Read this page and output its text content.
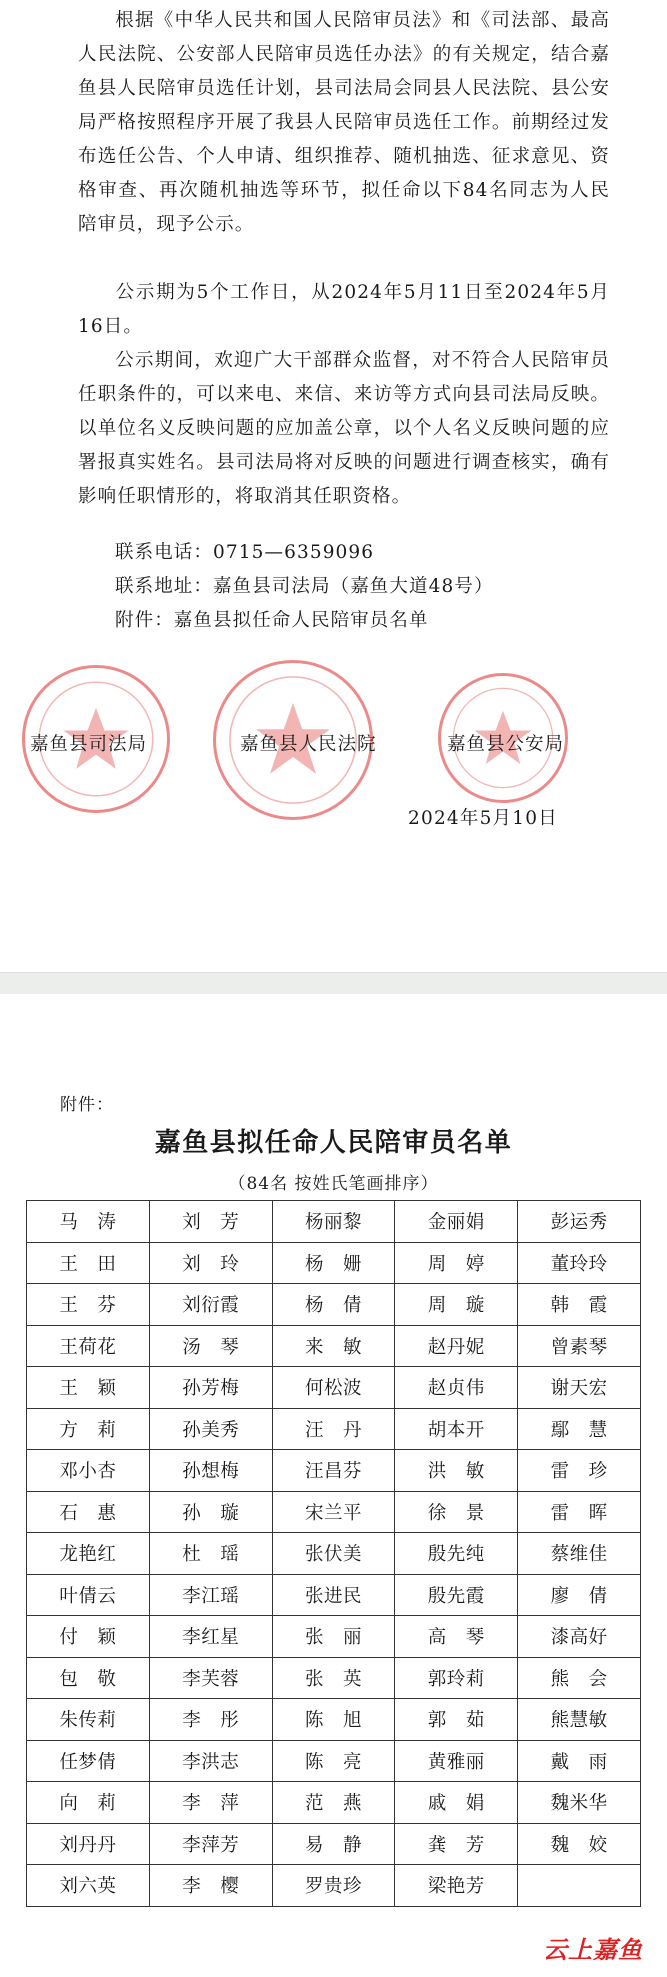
根据《中华人民共和国人民陪审员法》和《司法部、最高人民法院、公安部人民陪审员选任办法》的有关规定，结合嘉鱼县人民陪审员选任计划，县司法局会同县人民法院、县公安局严格按照程序开展了我县人民陪审员选任工作。前期经过发布选任公告、个人申请、组织推荐、随机抽选、征求意见、资格审查、再次随机抽选等环节，拟任命以下84名同志为人民陪审员，现予公示。
公示期为5个工作日，从2024年5月11日至2024年5月16日。
公示期间，欢迎广大干部群众监督，对不符合人民陪审员任职条件的，可以来电、来信、来访等方式向县司法局反映。以单位名义反映问题的应加盖公章，以个人名义反映问题的应署报真实姓名。县司法局将对反映的问题进行调查核实，确有影响任职情形的，将取消其任职资格。
联系电话：0715—6359096
联系地址：嘉鱼县司法局（嘉鱼大道48号）
附件：嘉鱼县拟任命人民陪审员名单
嘉鱼县司法局	嘉鱼县人民法院	嘉鱼县公安局
2024年5月10日
附件：
嘉鱼县拟任命人民陪审员名单
（84名 按姓氏笔画排序）
马　涛	刘　芳	杨丽黎	金丽娟	彭运秀
王　田	刘　玲	杨　姗	周　婷	董玲玲
王　芬	刘衍霞	杨　倩	周　璇	韩　霞
王荷花	汤　琴	来　敏	赵丹妮	曾素琴
王　颖	孙芳梅	何松波	赵贞伟	谢天宏
方　莉	孙美秀	汪　丹	胡本开	鄢　慧
邓小杏	孙想梅	汪昌芬	洪　敏	雷　珍
石　惠	孙　璇	宋兰平	徐　景	雷　晖
龙艳红	杜　瑶	张伏美	殷先纯	蔡维佳
叶倩云	李江瑶	张进民	殷先霞	廖　倩
付　颖	李红星	张　丽	高　琴	漆高好
包　敬	李芙蓉	张　英	郭玲莉	熊　会
朱传莉	李　彤	陈　旭	郭　茹	熊慧敏
任梦倩	李洪志	陈　亮	黄雅丽	戴　雨
向　莉	李　萍	范　燕	戚　娟	魏米华
刘丹丹	李萍芳	易　静	龚　芳	魏　姣
刘六英	李　樱	罗贵珍	梁艳芳	
云上嘉鱼
